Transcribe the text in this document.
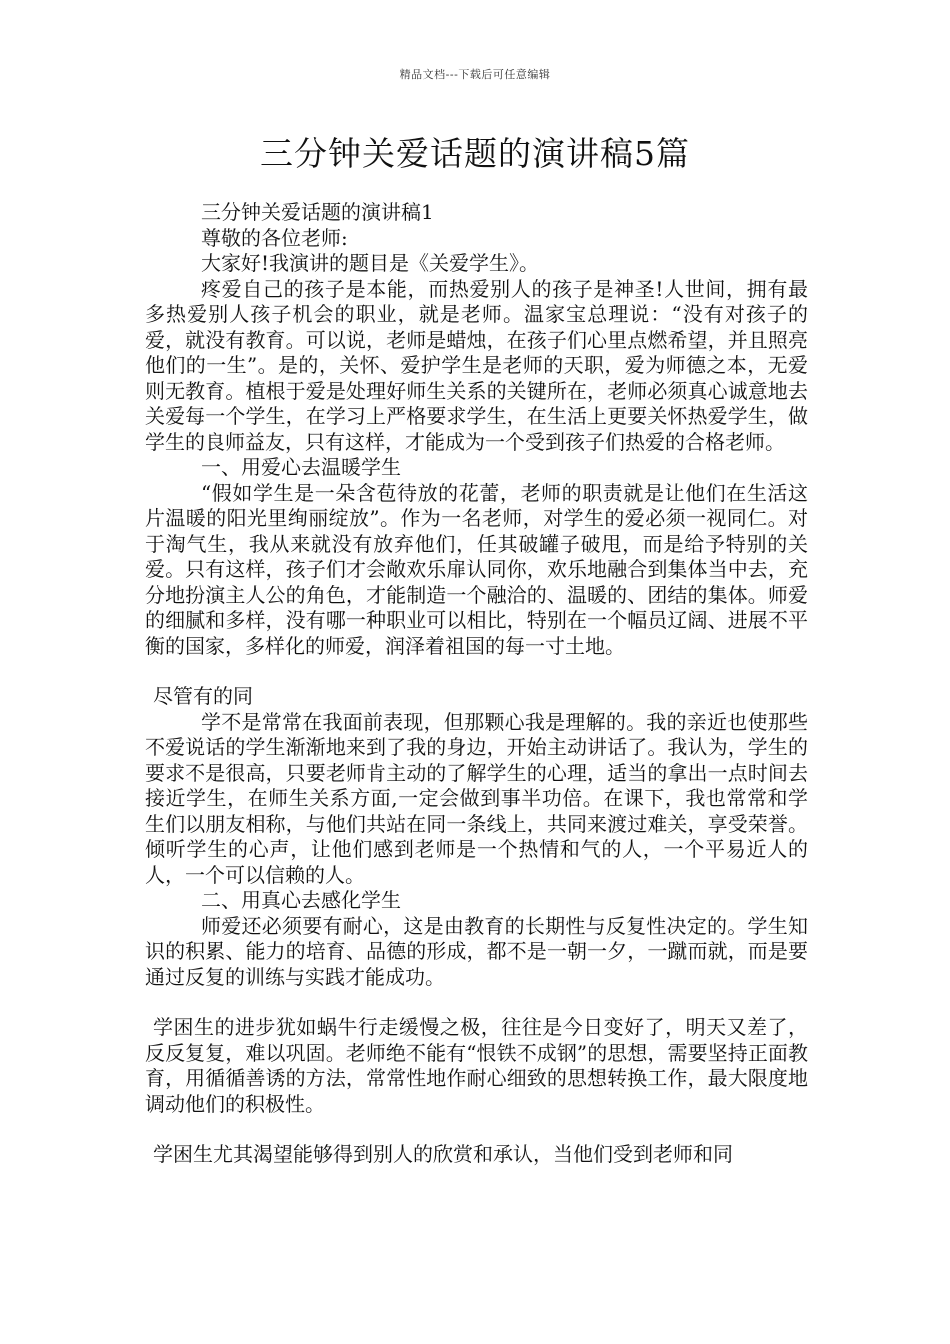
精品文档---下载后可任意编辑
三分钟关爱话题的演讲稿5篇

三分钟关爱话题的演讲稿1

尊敬的各位老师:

大家好!我演讲的题目是《关爱学生》。

疼爱自己的孩子是本能，而热爱别人的孩子是神圣!人世间，拥有最多热爱别人孩子机会的职业，就是老师。温家宝总理说：“没有对孩子的爱，就没有教育。可以说，老师是蜡烛，在孩子们心里点燃希望，并且照亮他们的一生”。是的，关怀、爱护学生是老师的天职，爱为师德之本，无爱则无教育。植根于爱是处理好师生关系的关键所在，老师必须真心诚意地去关爱每一个学生，在学习上严格要求学生，在生活上更要关怀热爱学生，做学生的良师益友，只有这样，才能成为一个受到孩子们热爱的合格老师。

一、用爱心去温暖学生

“假如学生是一朵含苞待放的花蕾，老师的职责就是让他们在生活这片温暖的阳光里绚丽绽放”。作为一名老师，对学生的爱必须一视同仁。对于淘气生，我从来就没有放弃他们，任其破罐子破甩，而是给予特别的关爱。只有这样，孩子们才会敞欢乐扉认同你，欢乐地融合到集体当中去，充分地扮演主人公的角色，才能制造一个融洽的、温暖的、团结的集体。师爱的细腻和多样，没有哪一种职业可以相比，特别在一个幅员辽阔、进展不平衡的国家，多样化的师爱，润泽着祖国的每一寸土地。

尽管有的同

学不是常常在我面前表现，但那颗心我是理解的。我的亲近也使那些不爱说话的学生渐渐地来到了我的身边，开始主动讲话了。我认为，学生的要求不是很高，只要老师肯主动的了解学生的心理，适当的拿出一点时间去接近学生，在师生关系方面,一定会做到事半功倍。在课下，我也常常和学生们以朋友相称，与他们共站在同一条线上，共同来渡过难关，享受荣誉。倾听学生的心声，让他们感到老师是一个热情和气的人，一个平易近人的人，一个可以信赖的人。

二、用真心去感化学生

师爱还必须要有耐心，这是由教育的长期性与反复性决定的。学生知识的积累、能力的培育、品德的形成，都不是一朝一夕，一蹴而就，而是要通过反复的训练与实践才能成功。

学困生的进步犹如蜗牛行走缓慢之极，往往是今日变好了，明天又差了，反反复复，难以巩固。老师绝不能有“恨铁不成钢”的思想，需要坚持正面教育，用循循善诱的方法，常常性地作耐心细致的思想转换工作，最大限度地调动他们的积极性。

学困生尤其渴望能够得到别人的欣赏和承认，当他们受到老师和同
